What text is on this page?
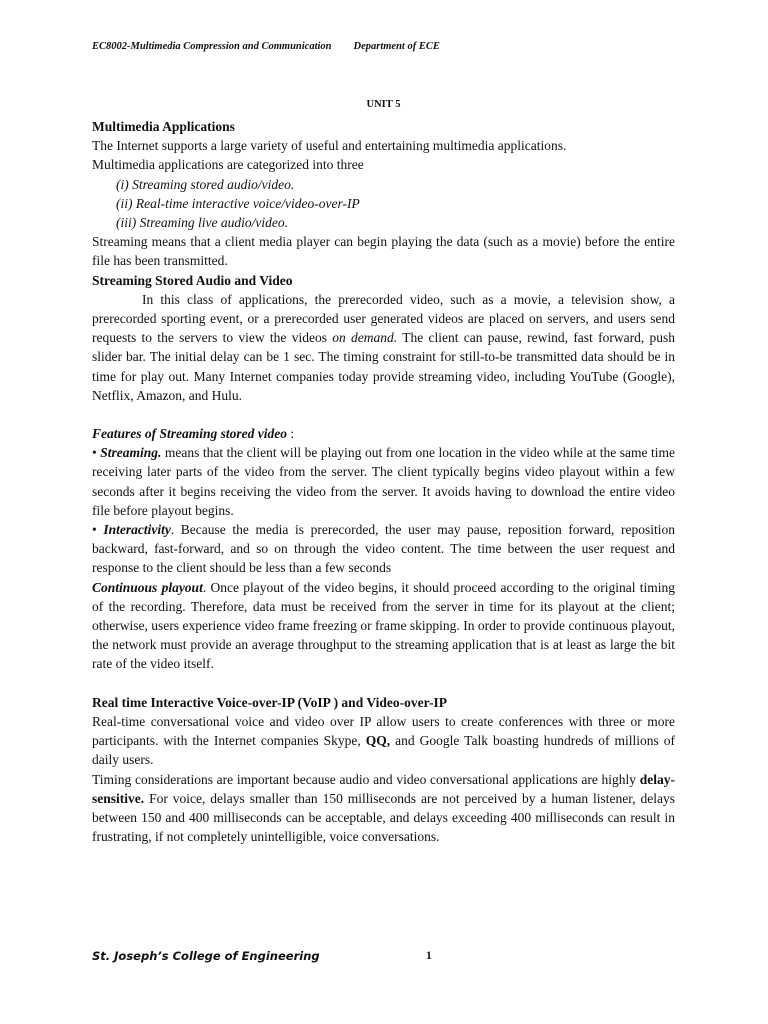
EC8002-Multimedia Compression and Communication Department of ECE
UNIT 5

Multimedia Applications

The Internet supports a large variety of useful and entertaining multimedia applications.

Multimedia applications are categorized into three

(i) Streaming stored audio/video.

(ii) Real-time interactive voice/video-over-IP

(iii) Streaming live audio/video.

Streaming means that a client media player can begin playing the data (such as a movie) before the entire file has been transmitted.

Streaming Stored Audio and Video

In this class of applications, the prerecorded video, such as a movie, a television show, a prerecorded sporting event, or a prerecorded user generated videos are placed on servers, and users send requests to the servers to view the videos on demand. The client can pause, rewind, fast forward, push slider bar. The initial delay can be 1 sec. The timing constraint for still-to-be transmitted data should be in time for play out. Many Internet companies today provide streaming video, including YouTube (Google), Netflix, Amazon, and Hulu.

Features of Streaming stored video :

• Streaming. means that the client will be playing out from one location in the video while at the same time receiving later parts of the video from the server. The client typically begins video playout within a few seconds after it begins receiving the video from the server. It avoids having to download the entire video file before playout begins.

• Interactivity. Because the media is prerecorded, the user may pause, reposition forward, reposition backward, fast-forward, and so on through the video content. The time between the user request and response to the client should be less than a few seconds

Continuous playout. Once playout of the video begins, it should proceed according to the original timing of the recording. Therefore, data must be received from the server in time for its playout at the client; otherwise, users experience video frame freezing or frame skipping. In order to provide continuous playout, the network must provide an average throughput to the streaming application that is at least as large the bit rate of the video itself.

Real time Interactive Voice-over-IP (VoIP ) and Video-over-IP

Real-time conversational voice and video over IP allow users to create conferences with three or more participants. with the Internet companies Skype, QQ, and Google Talk boasting hundreds of millions of daily users.

Timing considerations are important because audio and video conversational applications are highly delay-sensitive. For voice, delays smaller than 150 milliseconds are not perceived by a human listener, delays between 150 and 400 milliseconds can be acceptable, and delays exceeding 400 milliseconds can result in frustrating, if not completely unintelligible, voice conversations.

St. Joseph’s College of Engineering	1
